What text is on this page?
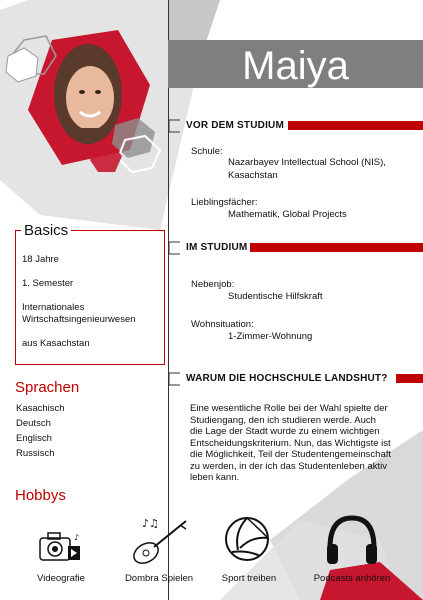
Maiya
VOR DEM STUDIUM
Schule:
Nazarbayev Intellectual School (NIS),
Kasachstan
Lieblingsfächer:
Mathematik, Global Projects
IM STUDIUM
Nebenjob:
Studentische Hilfskraft
Wohnsituation:
1-Zimmer-Wohnung
WARUM DIE HOCHSCHULE LANDSHUT?
Eine wesentliche Rolle bei der Wahl spielte der
Studiengang, den ich studieren werde. Auch
die Lage der Stadt wurde zu einem wichtigen
Entscheidungskriterium. Nun, das Wichtigste ist
die Möglichkeit, Teil der Studentengemeinschaft
zu werden, in der ich das Studentenleben aktiv
leben kann.
Basics
18 Jahre
1. Semester
Internationales
Wirtschaftsingenieurwesen
aus Kasachstan
Sprachen
Kasachisch
Deutsch
Englisch
Russisch
Hobbys
♪
♪♫
Videografie	Dombra Spielen	Sport treiben	Podcasts anhören
